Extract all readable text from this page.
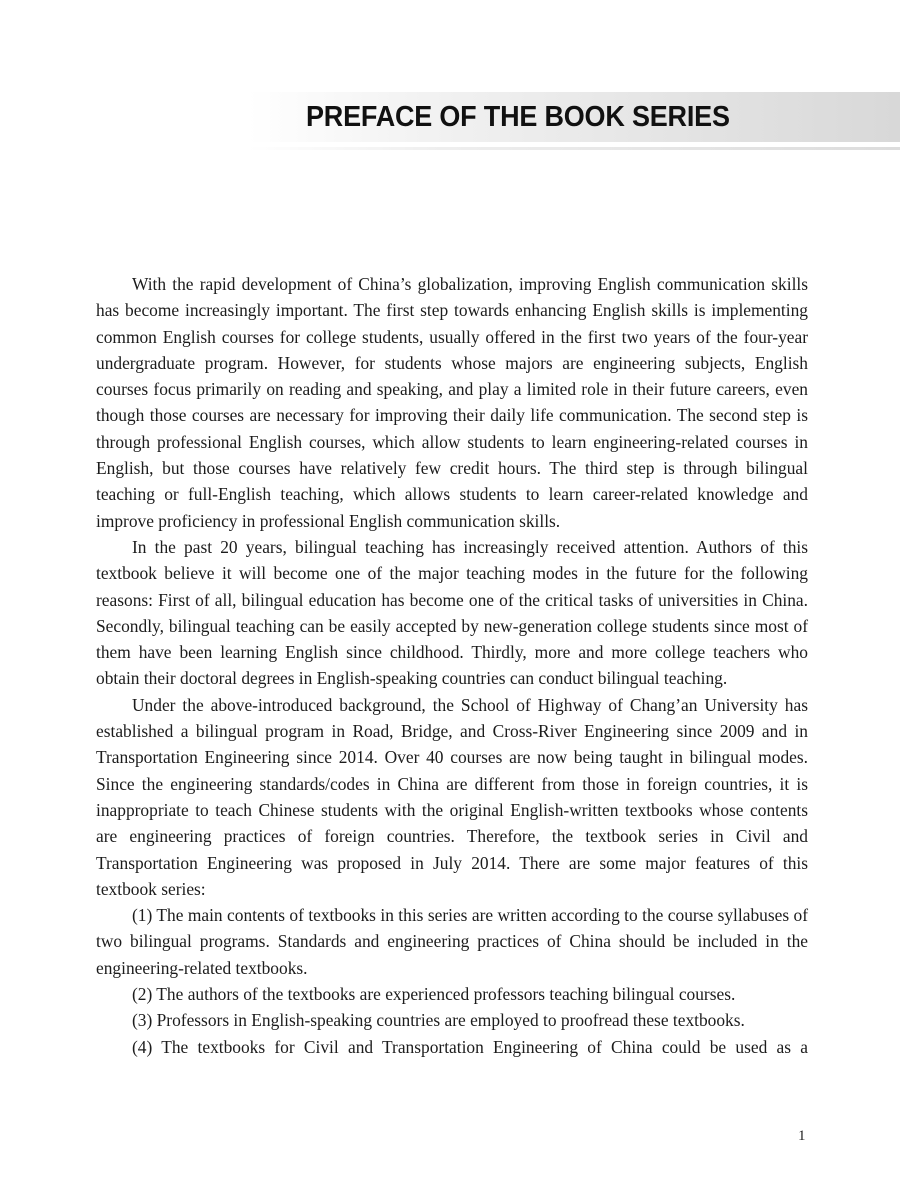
PREFACE OF THE BOOK SERIES

With the rapid development of China’s globalization, improving English communication skills has become increasingly important. The first step towards enhancing English skills is implementing common English courses for college students, usually offered in the first two years of the four-year undergraduate program. However, for students whose majors are engineering subjects, English courses focus primarily on reading and speaking, and play a limited role in their future careers, even though those courses are necessary for improving their daily life communication. The second step is through professional English courses, which allow students to learn engineering-related courses in English, but those courses have relatively few credit hours. The third step is through bilingual teaching or full-English teaching, which allows students to learn career-related knowledge and improve proficiency in professional English communication skills.

In the past 20 years, bilingual teaching has increasingly received attention. Authors of this textbook believe it will become one of the major teaching modes in the future for the following reasons: First of all, bilingual education has become one of the critical tasks of universities in China. Secondly, bilingual teaching can be easily accepted by new-generation college students since most of them have been learning English since childhood. Thirdly, more and more college teachers who obtain their doctoral degrees in English-speaking countries can conduct bilingual teaching.

Under the above-introduced background, the School of Highway of Chang’an University has established a bilingual program in Road, Bridge, and Cross-River Engineering since 2009 and in Transportation Engineering since 2014. Over 40 courses are now being taught in bilingual modes. Since the engineering standards/codes in China are different from those in foreign countries, it is inappropriate to teach Chinese students with the original English-written textbooks whose contents are engineering practices of foreign countries. Therefore, the textbook series in Civil and Transportation Engineering was proposed in July 2014. There are some major features of this textbook series:

(1) The main contents of textbooks in this series are written according to the course syllabuses of two bilingual programs. Standards and engineering practices of China should be included in the engineering-related textbooks.

(2) The authors of the textbooks are experienced professors teaching bilingual courses.

(3) Professors in English-speaking countries are employed to proofread these textbooks.

(4) The textbooks for Civil and Transportation Engineering of China could be used as a

1
